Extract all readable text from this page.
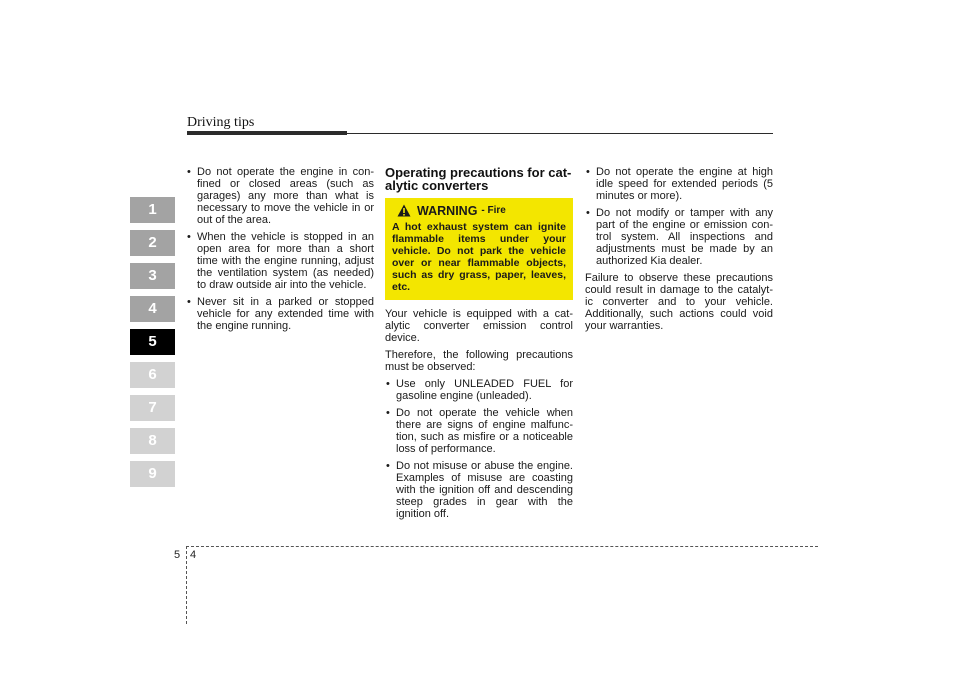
Driving tips
1
2
3
4
5
6
7
8
9
• Do not operate the engine in con- fined or closed areas (such as garages) any more than what is necessary to move the vehicle in or out of the area.
• When the vehicle is stopped in an open area for more than a short time with the engine running, adjust the ventilation system (as needed) to draw outside air into the vehicle.
• Never sit in a parked or stopped vehicle for any extended time with the engine running.
Operating precautions for cat- alytic converters
WARNING - Fire
A hot exhaust system can ignite flammable items under your vehicle. Do not park the vehicle over or near flammable objects, such as dry grass, paper, leaves, etc.

Your vehicle is equipped with a cat- alytic converter emission control device.

Therefore, the following precautions must be observed:

• Use only UNLEADED FUEL for gasoline engine (unleaded).
• Do not operate the vehicle when there are signs of engine malfunc- tion, such as misfire or a noticeable loss of performance.
• Do not misuse or abuse the engine. Examples of misuse are coasting with the ignition off and descending steep grades in gear with the ignition off.
• Do not operate the engine at high idle speed for extended periods (5 minutes or more).
• Do not modify or tamper with any part of the engine or emission con- trol system. All inspections and adjustments must be made by an authorized Kia dealer.

Failure to observe these precautions could result in damage to the catalyt- ic converter and to your vehicle. Additionally, such actions could void your warranties.

5 4
